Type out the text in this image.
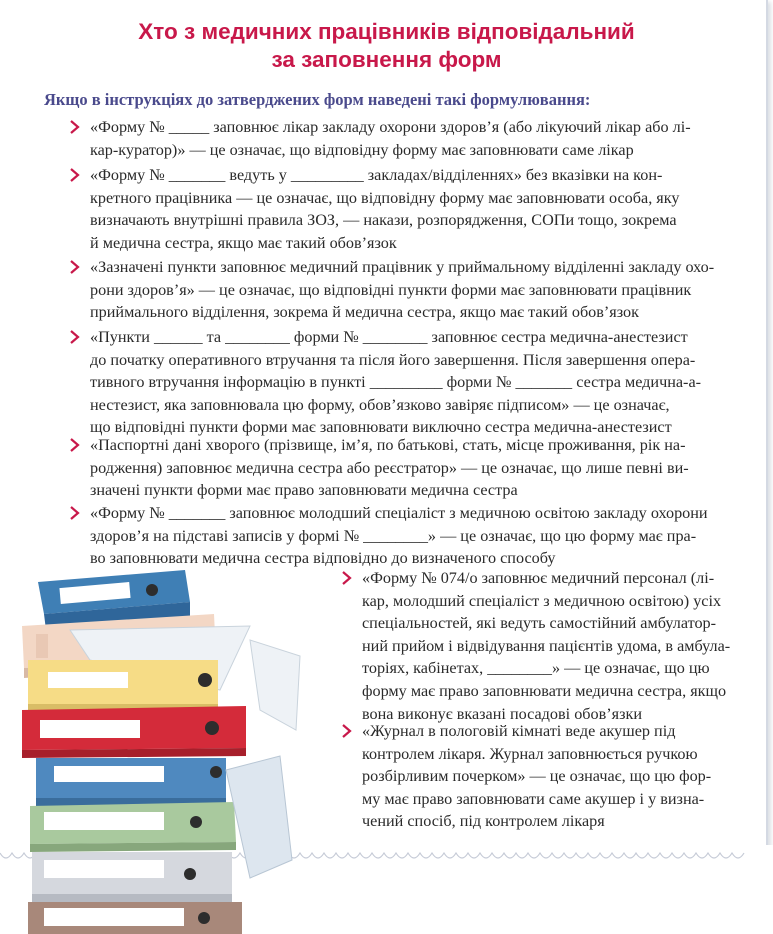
Хто з медичних працівників відповідальний
за заповнення форм
Якщо в інструкціях до затверджених форм наведені такі формулювання:

«Форму № _____ заповнює лікар закладу охорони здоров’я (або лікуючий лікар або лі-

кар-куратор)» — це означає, що відповідну форму має заповнювати саме лікар

«Форму № _______ ведуть у _________ закладах/відділеннях» без вказівки на кон-

кретного працівника — це означає, що відповідну форму має заповнювати особа, яку

визначають внутрішні правила ЗОЗ, — накази, розпорядження, СОПи тощо, зокрема

й медична сестра, якщо має такий обов’язок

«Зазначені пункти заповнює медичний працівник у приймальному відділенні закладу охо-

рони здоров’я» — це означає, що відповідні пункти форми має заповнювати працівник

приймального відділення, зокрема й медична сестра, якщо має такий обов’язок

«Пункти ______ та ________ форми № ________ заповнює сестра медична-анестезист

до початку оперативного втручання та після його завершення. Після завершення опера-

тивного втручання інформацію в пункті _________ форми № _______ сестра медична-а-

нестезист, яка заповнювала цю форму, обов’язково завіряє підписом» — це означає,

що відповідні пункти форми має заповнювати виключно сестра медична-анестезист

«Паспортні дані хворого (прізвище, ім’я, по батькові, стать, місце проживання, рік на-

родження) заповнює медична сестра або реєстратор» — це означає, що лише певні ви-

значені пункти форми має право заповнювати медична сестра

«Форму № _______ заповнює молодший спеціаліст з медичною освітою закладу охорони

здоров’я на підставі записів у формі № ________» — це означає, що цю форму має пра-

во заповнювати медична сестра відповідно до визначеного способу

«Форму № 074/о заповнює медичний персонал (лі-

кар, молодший спеціаліст з медичною освітою) усіх

спеціальностей, які ведуть самостійний амбулатор-

ний прийом і відвідування пацієнтів удома, в амбула-

торіях, кабінетах, ________» — це означає, що цю

форму має право заповнювати медична сестра, якщо

вона виконує вказані посадові обов’язки

«Журнал в пологовій кімнаті веде акушер під

контролем лікаря. Журнал заповнюється ручкою

розбірливим почерком» — це означає, що цю фор-

му має право заповнювати саме акушер і у визна-

чений спосіб, під контролем лікаря
